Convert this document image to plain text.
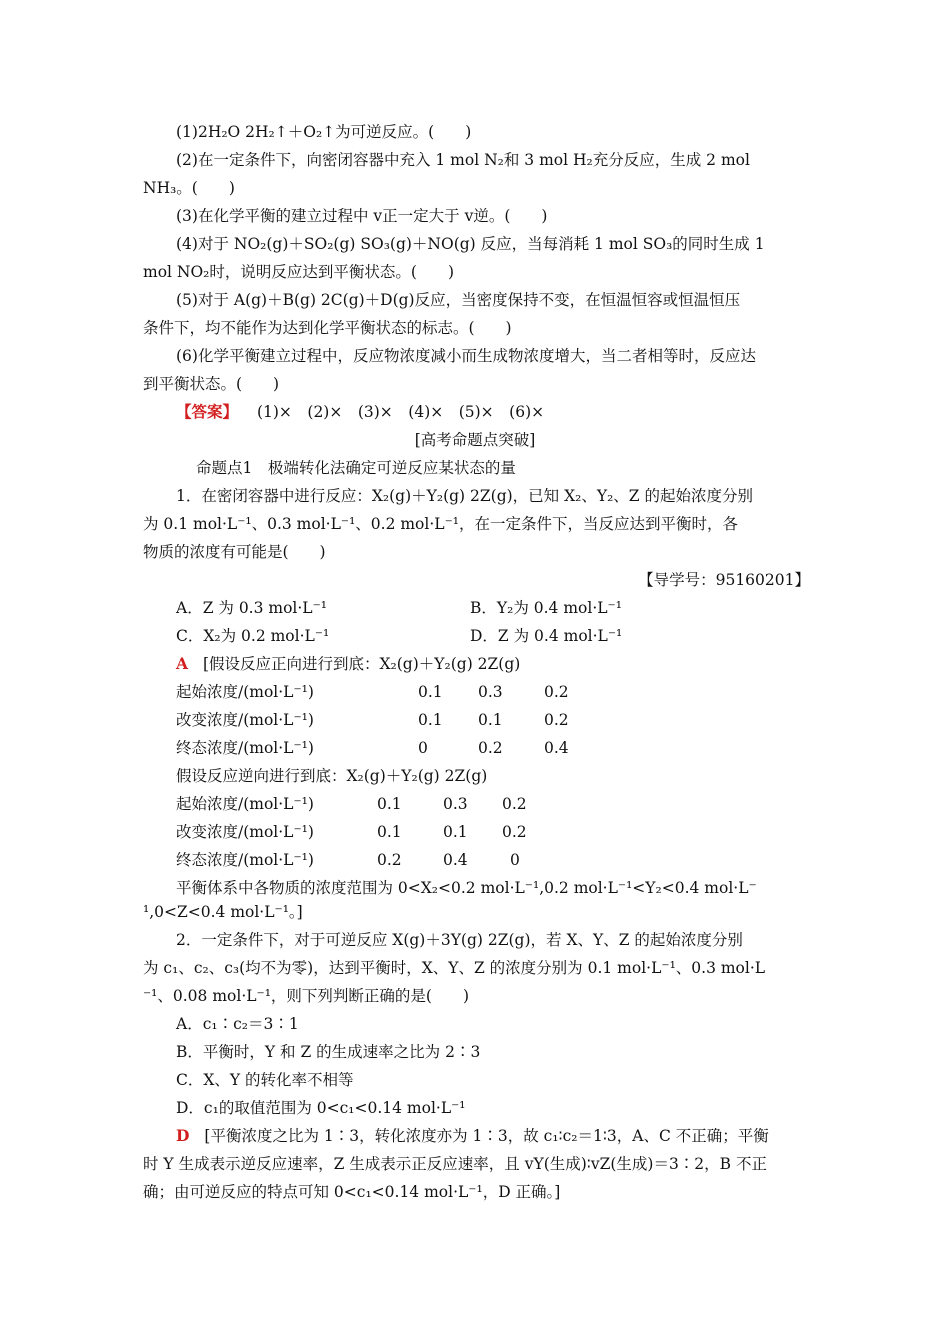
(1)2H₂O 2H₂↑＋O₂↑为可逆反应。(　　)
(2)在一定条件下，向密闭容器中充入 1 mol N₂和 3 mol H₂充分反应，生成 2 mol
NH₃。(　　)
(3)在化学平衡的建立过程中 v正一定大于 v逆。(　　)
(4)对于 NO₂(g)＋SO₂(g) SO₃(g)＋NO(g) 反应，当每消耗 1 mol SO₃的同时生成 1
mol NO₂时，说明反应达到平衡状态。(　　)
(5)对于 A(g)＋B(g) 2C(g)＋D(g)反应，当密度保持不变，在恒温恒容或恒温恒压
条件下，均不能作为达到化学平衡状态的标志。(　　)
(6)化学平衡建立过程中，反应物浓度减小而生成物浓度增大，当二者相等时，反应达
到平衡状态。(　　)
【答案】 (1)×　(2)×　(3)×　(4)×　(5)×　(6)×
[高考命题点突破]
命题点1　极端转化法确定可逆反应某状态的量
1．在密闭容器中进行反应：X₂(g)＋Y₂(g) 2Z(g)，已知 X₂、Y₂、Z 的起始浓度分别
为 0.1 mol·L⁻¹、0.3 mol·L⁻¹、0.2 mol·L⁻¹，在一定条件下，当反应达到平衡时，各
物质的浓度有可能是(　　)
【导学号：95160201】
A．Z 为 0.3 mol·L⁻¹	B．Y₂为 0.4 mol·L⁻¹
C．X₂为 0.2 mol·L⁻¹	D．Z 为 0.4 mol·L⁻¹
A [假设反应正向进行到底：X₂(g)＋Y₂(g) 2Z(g)
起始浓度/(mol·L⁻¹)	0.1 0.3	0.2
改变浓度/(mol·L⁻¹)	0.1 0.1	0.2
终态浓度/(mol·L⁻¹)	0	0.2	0.4
假设反应逆向进行到底：X₂(g)＋Y₂(g) 2Z(g)
起始浓度/(mol·L⁻¹)	0.1	0.3 0.2
改变浓度/(mol·L⁻¹)	0.1	0.1 0.2
终态浓度/(mol·L⁻¹)	0.2	0.4	0
平衡体系中各物质的浓度范围为 0<X₂<0.2 mol·L⁻¹,0.2 mol·L⁻¹<Y₂<0.4 mol·L⁻
¹,0<Z<0.4 mol·L⁻¹。]
2．一定条件下，对于可逆反应 X(g)＋3Y(g) 2Z(g)，若 X、Y、Z 的起始浓度分别
为 c₁、c₂、c₃(均不为零)，达到平衡时，X、Y、Z 的浓度分别为 0.1 mol·L⁻¹、0.3 mol·L
⁻¹、0.08 mol·L⁻¹，则下列判断正确的是(　　)
A．c₁∶c₂＝3∶1
B．平衡时，Y 和 Z 的生成速率之比为 2∶3
C．X、Y 的转化率不相等
D．c₁的取值范围为 0<c₁<0.14 mol·L⁻¹
D [平衡浓度之比为 1∶3，转化浓度亦为 1∶3，故 c₁∶c₂＝1∶3，A、C 不正确；平衡
时 Y 生成表示逆反应速率，Z 生成表示正反应速率，且 vY(生成)∶vZ(生成)＝3∶2，B 不正
确；由可逆反应的特点可知 0<c₁<0.14 mol·L⁻¹，D 正确。]
